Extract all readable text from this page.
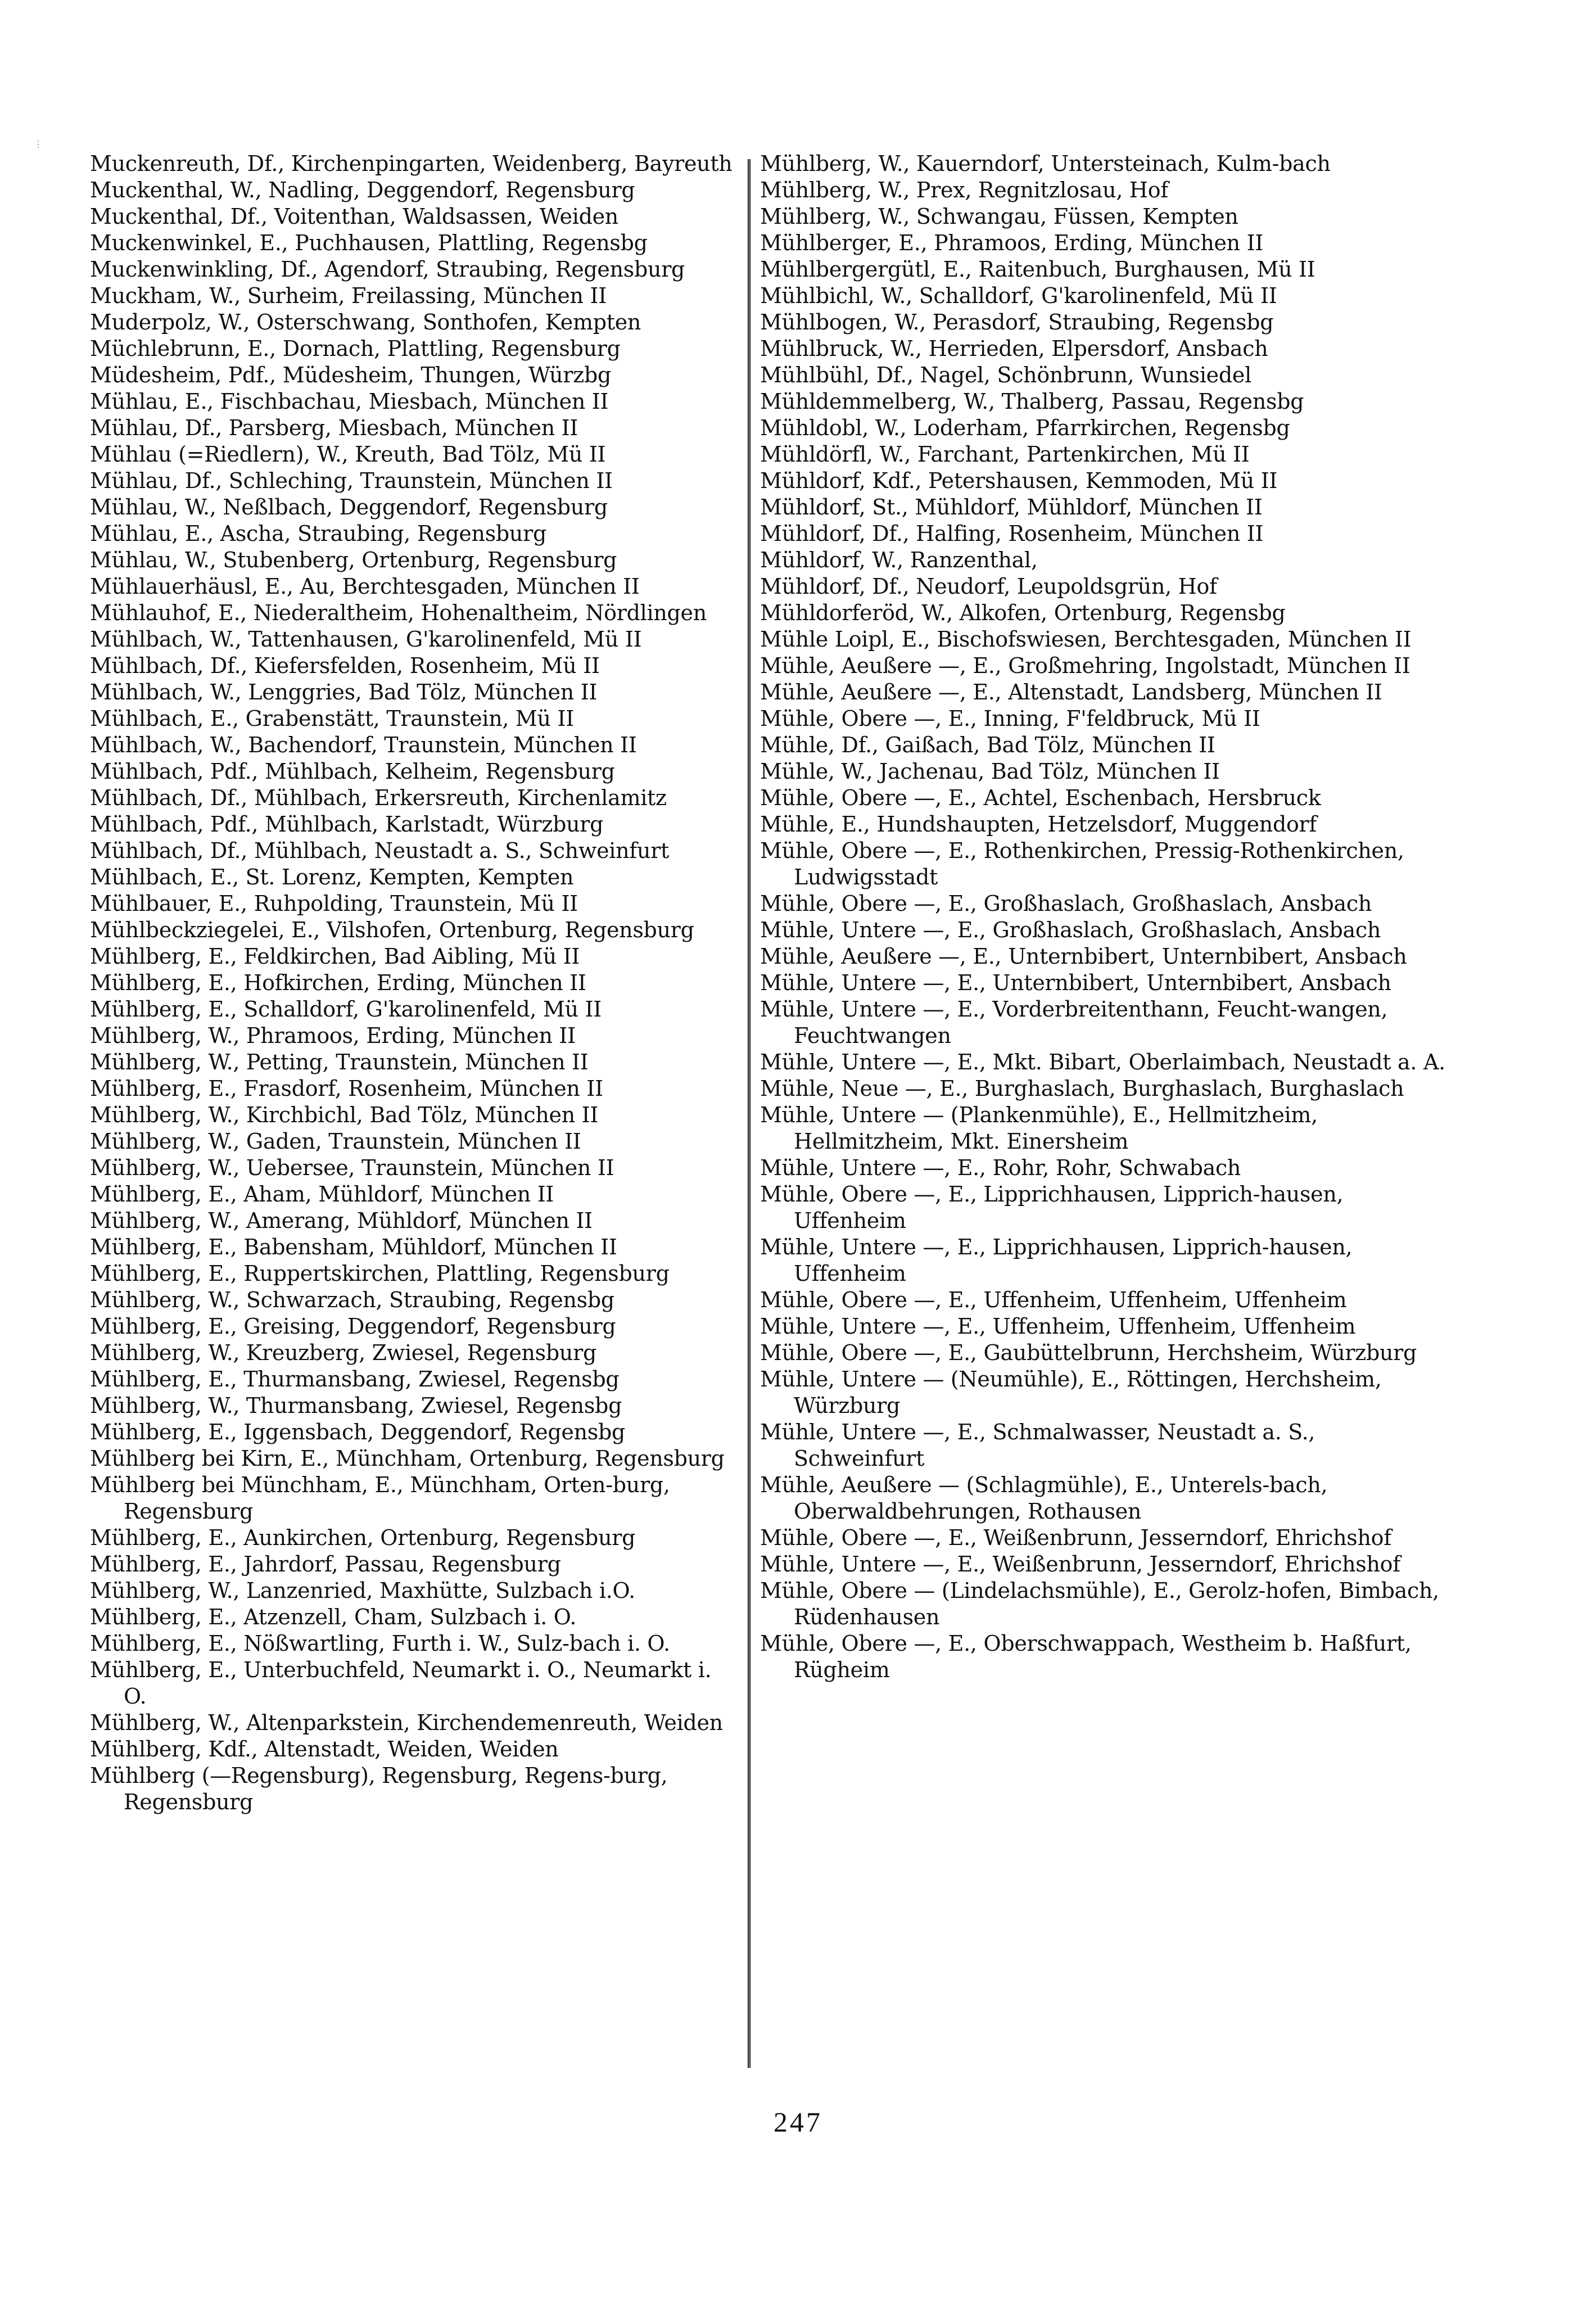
⋮

Muckenreuth, Df., Kirchenpingarten, Weidenberg, Bayreuth

Muckenthal, W., Nadling, Deggendorf, Regensburg

Muckenthal, Df., Voitenthan, Waldsassen, Weiden

Muckenwinkel, E., Puchhausen, Plattling, Regensbg

Muckenwinkling, Df., Agendorf, Straubing, Regensburg

Muckham, W., Surheim, Freilassing, München II

Muderpolz, W., Osterschwang, Sonthofen, Kempten

Müchlebrunn, E., Dornach, Plattling, Regensburg

Müdesheim, Pdf., Müdesheim, Thungen, Würzbg

Mühlau, E., Fischbachau, Miesbach, München II

Mühlau, Df., Parsberg, Miesbach, München II

Mühlau (=Riedlern), W., Kreuth, Bad Tölz, Mü II

Mühlau, Df., Schleching, Traunstein, München II

Mühlau, W., Neßlbach, Deggendorf, Regensburg

Mühlau, E., Ascha, Straubing, Regensburg

Mühlau, W., Stubenberg, Ortenburg, Regensburg

Mühlauerhäusl, E., Au, Berchtesgaden, München II

Mühlauhof, E., Niederaltheim, Hohenaltheim, Nördlingen

Mühlbach, W., Tattenhausen, G'karolinenfeld, Mü II

Mühlbach, Df., Kiefersfelden, Rosenheim, Mü II

Mühlbach, W., Lenggries, Bad Tölz, München II

Mühlbach, E., Grabenstätt, Traunstein, Mü II

Mühlbach, W., Bachendorf, Traunstein, München II

Mühlbach, Pdf., Mühlbach, Kelheim, Regensburg

Mühlbach, Df., Mühlbach, Erkersreuth, Kirchenlamitz

Mühlbach, Pdf., Mühlbach, Karlstadt, Würzburg

Mühlbach, Df., Mühlbach, Neustadt a. S., Schweinfurt

Mühlbach, E., St. Lorenz, Kempten, Kempten

Mühlbauer, E., Ruhpolding, Traunstein, Mü II

Mühlbeckziegelei, E., Vilshofen, Ortenburg, Regensburg

Mühlberg, E., Feldkirchen, Bad Aibling, Mü II

Mühlberg, E., Hofkirchen, Erding, München II

Mühlberg, E., Schalldorf, G'karolinenfeld, Mü II

Mühlberg, W., Phramoos, Erding, München II

Mühlberg, W., Petting, Traunstein, München II

Mühlberg, E., Frasdorf, Rosenheim, München II

Mühlberg, W., Kirchbichl, Bad Tölz, München II

Mühlberg, W., Gaden, Traunstein, München II

Mühlberg, W., Uebersee, Traunstein, München II

Mühlberg, E., Aham, Mühldorf, München II

Mühlberg, W., Amerang, Mühldorf, München II

Mühlberg, E., Babensham, Mühldorf, München II

Mühlberg, E., Ruppertskirchen, Plattling, Regensburg

Mühlberg, W., Schwarzach, Straubing, Regensbg

Mühlberg, E., Greising, Deggendorf, Regensburg

Mühlberg, W., Kreuzberg, Zwiesel, Regensburg

Mühlberg, E., Thurmansbang, Zwiesel, Regensbg

Mühlberg, W., Thurmansbang, Zwiesel, Regensbg

Mühlberg, E., Iggensbach, Deggendorf, Regensbg

Mühlberg bei Kirn, E., Münchham, Ortenburg, Regensburg

Mühlberg bei Münchham, E., Münchham, Orten-burg, Regensburg

Mühlberg, E., Aunkirchen, Ortenburg, Regensburg

Mühlberg, E., Jahrdorf, Passau, Regensburg

Mühlberg, W., Lanzenried, Maxhütte, Sulzbach i.O.

Mühlberg, E., Atzenzell, Cham, Sulzbach i. O.

Mühlberg, E., Nößwartling, Furth i. W., Sulz-bach i. O.

Mühlberg, E., Unterbuchfeld, Neumarkt i. O., Neumarkt i. O.

Mühlberg, W., Altenparkstein, Kirchendemenreuth, Weiden

Mühlberg, Kdf., Altenstadt, Weiden, Weiden

Mühlberg (—Regensburg), Regensburg, Regens-burg, Regensburg

Mühlberg, W., Kauerndorf, Untersteinach, Kulm-bach

Mühlberg, W., Prex, Regnitzlosau, Hof

Mühlberg, W., Schwangau, Füssen, Kempten

Mühlberger, E., Phramoos, Erding, München II

Mühlbergergütl, E., Raitenbuch, Burghausen, Mü II

Mühlbichl, W., Schalldorf, G'karolinenfeld, Mü II

Mühlbogen, W., Perasdorf, Straubing, Regensbg

Mühlbruck, W., Herrieden, Elpersdorf, Ansbach

Mühlbühl, Df., Nagel, Schönbrunn, Wunsiedel

Mühldemmelberg, W., Thalberg, Passau, Regensbg

Mühldobl, W., Loderham, Pfarrkirchen, Regensbg

Mühldörfl, W., Farchant, Partenkirchen, Mü II

Mühldorf, Kdf., Petershausen, Kemmoden, Mü II

Mühldorf, St., Mühldorf, Mühldorf, München II

Mühldorf, Df., Halfing, Rosenheim, München II

Mühldorf, W., Ranzenthal,

Mühldorf, Df., Neudorf, Leupoldsgrün, Hof

Mühldorferöd, W., Alkofen, Ortenburg, Regensbg

Mühle Loipl, E., Bischofswiesen, Berchtesgaden, München II

Mühle, Aeußere —, E., Großmehring, Ingolstadt, München II

Mühle, Aeußere —, E., Altenstadt, Landsberg, München II

Mühle, Obere —, E., Inning, F'feldbruck, Mü II

Mühle, Df., Gaißach, Bad Tölz, München II

Mühle, W., Jachenau, Bad Tölz, München II

Mühle, Obere —, E., Achtel, Eschenbach, Hersbruck

Mühle, E., Hundshaupten, Hetzelsdorf, Muggendorf

Mühle, Obere —, E., Rothenkirchen, Pressig-Rothenkirchen, Ludwigsstadt

Mühle, Obere —, E., Großhaslach, Großhaslach, Ansbach

Mühle, Untere —, E., Großhaslach, Großhaslach, Ansbach

Mühle, Aeußere —, E., Unternbibert, Unternbibert, Ansbach

Mühle, Untere —, E., Unternbibert, Unternbibert, Ansbach

Mühle, Untere —, E., Vorderbreitenthann, Feucht-wangen, Feuchtwangen

Mühle, Untere —, E., Mkt. Bibart, Oberlaimbach, Neustadt a. A.

Mühle, Neue —, E., Burghaslach, Burghaslach, Burghaslach

Mühle, Untere — (Plankenmühle), E., Hellmitzheim, Hellmitzheim, Mkt. Einersheim

Mühle, Untere —, E., Rohr, Rohr, Schwabach

Mühle, Obere —, E., Lipprichhausen, Lipprich-hausen, Uffenheim

Mühle, Untere —, E., Lipprichhausen, Lipprich-hausen, Uffenheim

Mühle, Obere —, E., Uffenheim, Uffenheim, Uffenheim

Mühle, Untere —, E., Uffenheim, Uffenheim, Uffenheim

Mühle, Obere —, E., Gaubüttelbrunn, Herchsheim, Würzburg

Mühle, Untere — (Neumühle), E., Röttingen, Herchsheim, Würzburg

Mühle, Untere —, E., Schmalwasser, Neustadt a. S., Schweinfurt

Mühle, Aeußere — (Schlagmühle), E., Unterels-bach, Oberwaldbehrungen, Rothausen

Mühle, Obere —, E., Weißenbrunn, Jesserndorf, Ehrichshof

Mühle, Untere —, E., Weißenbrunn, Jesserndorf, Ehrichshof

Mühle, Obere — (Lindelachsmühle), E., Gerolz-hofen, Bimbach, Rüdenhausen

Mühle, Obere —, E., Oberschwappach, Westheim b. Haßfurt, Rügheim

247
